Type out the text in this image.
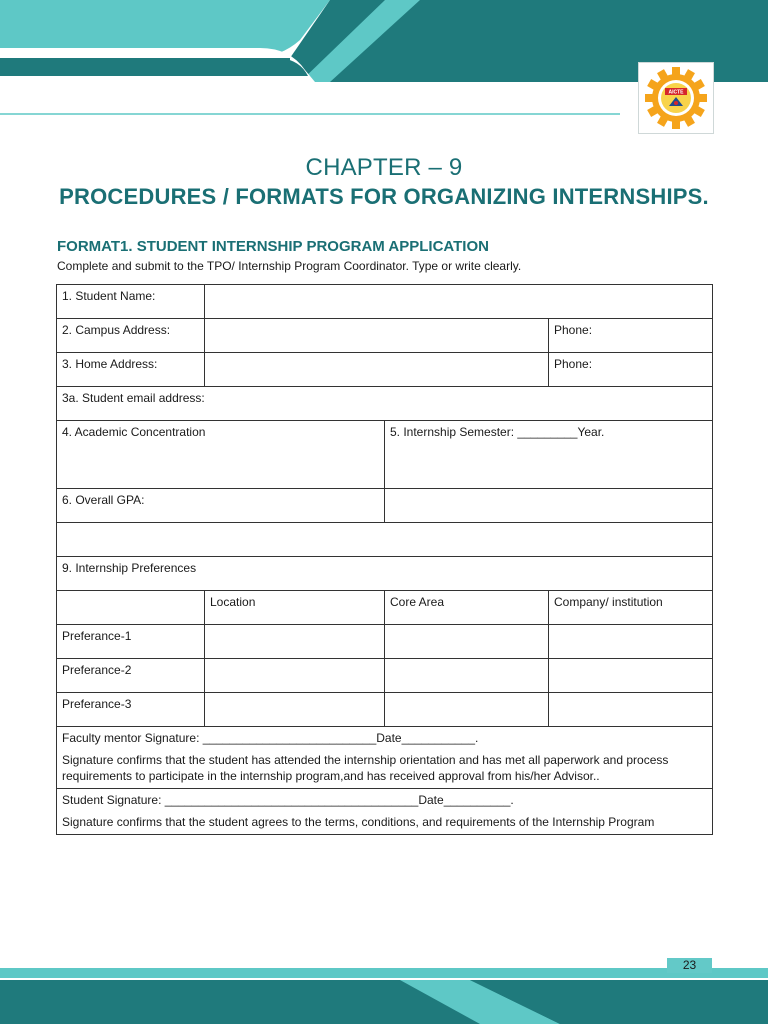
AICTE
CHAPTER – 9
PROCEDURES / FORMATS FOR ORGANIZING INTERNSHIPS.
FORMAT1. STUDENT INTERNSHIP PROGRAM APPLICATION
Complete and submit to the TPO/ Internship Program Coordinator. Type or write clearly.
1. Student Name:			
2. Campus Address:			Phone:
3. Home Address:			Phone:
3a. Student email address:			
4. Academic Concentration		5. Internship Semester: _________Year.	
6. Overall GPA:			

9. Internship Preferences			
	Location	Core Area	Company/ institution
Preferance-1			
Preferance-2			
Preferance-3			

Faculty mentor Signature: __________________________Date___________.
Signature confirms that the student has attended the internship orientation and has met all paperwork and process requirements to participate in the internship program,and has received approval from his/her Advisor..			

Student Signature: ______________________________________Date__________.
Signature confirms that the student agrees to the terms, conditions, and requirements of the Internship Program			
23
